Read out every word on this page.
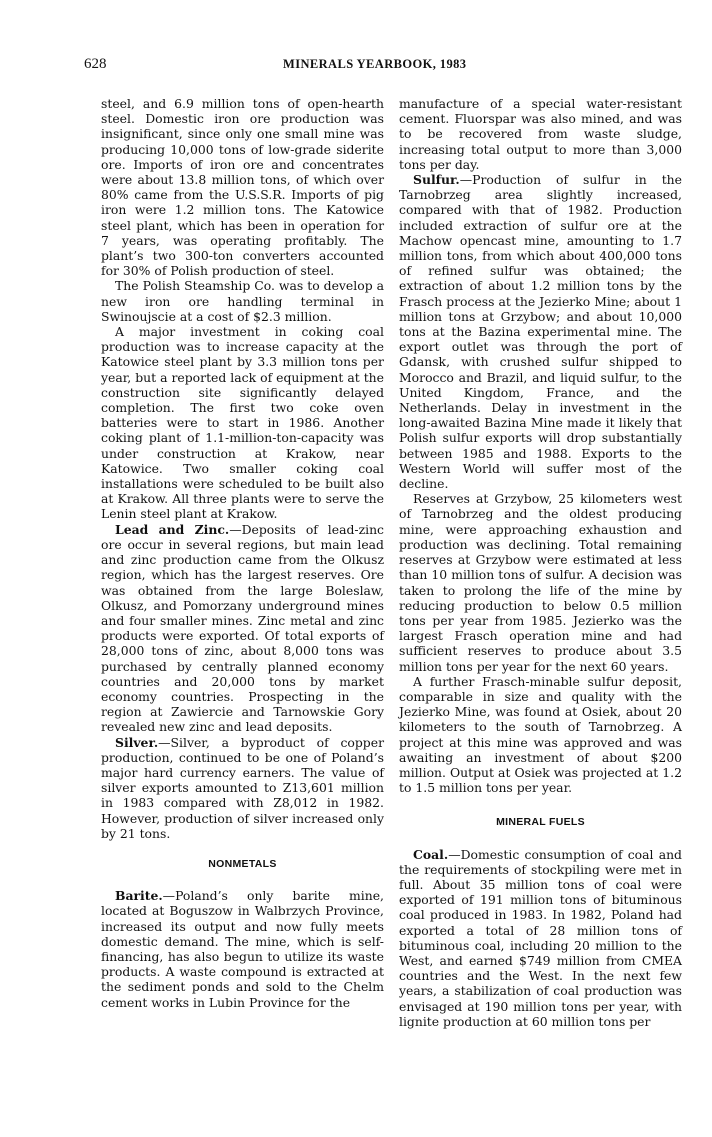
628	MINERALS YEARBOOK, 1983

steel, and 6.9 million tons of open-hearth steel. Domestic iron ore production was insignificant, since only one small mine was producing 10,000 tons of low-grade siderite ore. Imports of iron ore and concentrates were about 13.8 million tons, of which over 80% came from the U.S.S.R. Imports of pig iron were 1.2 million tons. The Katowice steel plant, which has been in operation for 7 years, was operating profitably. The plant’s two 300-ton converters accounted for 30% of Polish production of steel.

The Polish Steamship Co. was to develop a new iron ore handling terminal in Swinoujscie at a cost of $2.3 million.

A major investment in coking coal production was to increase capacity at the Katowice steel plant by 3.3 million tons per year, but a reported lack of equipment at the construction site significantly delayed completion. The first two coke oven batteries were to start in 1986. Another coking plant of 1.1-million-ton-capacity was under construction at Krakow, near Katowice. Two smaller coking coal installations were scheduled to be built also at Krakow. All three plants were to serve the Lenin steel plant at Krakow.

Lead and Zinc.—Deposits of lead-zinc ore occur in several regions, but main lead and zinc production came from the Olkusz region, which has the largest reserves. Ore was obtained from the large Boleslaw, Olkusz, and Pomorzany underground mines and four smaller mines. Zinc metal and zinc products were exported. Of total exports of 28,000 tons of zinc, about 8,000 tons was purchased by centrally planned economy countries and 20,000 tons by market economy countries. Prospecting in the region at Zawiercie and Tarnowskie Gory revealed new zinc and lead deposits.

Silver.—Silver, a byproduct of copper production, continued to be one of Poland’s major hard currency earners. The value of silver exports amounted to Z13,601 million in 1983 compared with Z8,012 in 1982. However, production of silver increased only by 21 tons.

NONMETALS

Barite.—Poland’s only barite mine, located at Boguszow in Walbrzych Province, increased its output and now fully meets domestic demand. The mine, which is self-financing, has also begun to utilize its waste products. A waste compound is extracted at the sediment ponds and sold to the Chelm cement works in Lubin Province for the

manufacture of a special water-resistant cement. Fluorspar was also mined, and was to be recovered from waste sludge, increasing total output to more than 3,000 tons per day.

Sulfur.—Production of sulfur in the Tarnobrzeg area slightly increased, compared with that of 1982. Production included extraction of sulfur ore at the Machow opencast mine, amounting to 1.7 million tons, from which about 400,000 tons of refined sulfur was obtained; the extraction of about 1.2 million tons by the Frasch process at the Jezierko Mine; about 1 million tons at Grzybow; and about 10,000 tons at the Bazina experimental mine. The export outlet was through the port of Gdansk, with crushed sulfur shipped to Morocco and Brazil, and liquid sulfur, to the United Kingdom, France, and the Netherlands. Delay in investment in the long-awaited Bazina Mine made it likely that Polish sulfur exports will drop substantially between 1985 and 1988. Exports to the Western World will suffer most of the decline.

Reserves at Grzybow, 25 kilometers west of Tarnobrzeg and the oldest producing mine, were approaching exhaustion and production was declining. Total remaining reserves at Grzybow were estimated at less than 10 million tons of sulfur. A decision was taken to prolong the life of the mine by reducing production to below 0.5 million tons per year from 1985. Jezierko was the largest Frasch operation mine and had sufficient reserves to produce about 3.5 million tons per year for the next 60 years.

A further Frasch-minable sulfur deposit, comparable in size and quality with the Jezierko Mine, was found at Osiek, about 20 kilometers to the south of Tarnobrzeg. A project at this mine was approved and was awaiting an investment of about $200 million. Output at Osiek was projected at 1.2 to 1.5 million tons per year.

MINERAL FUELS

Coal.—Domestic consumption of coal and the requirements of stockpiling were met in full. About 35 million tons of coal were exported of 191 million tons of bituminous coal produced in 1983. In 1982, Poland had exported a total of 28 million tons of bituminous coal, including 20 million to the West, and earned $749 million from CMEA countries and the West. In the next few years, a stabilization of coal production was envisaged at 190 million tons per year, with lignite production at 60 million tons per
